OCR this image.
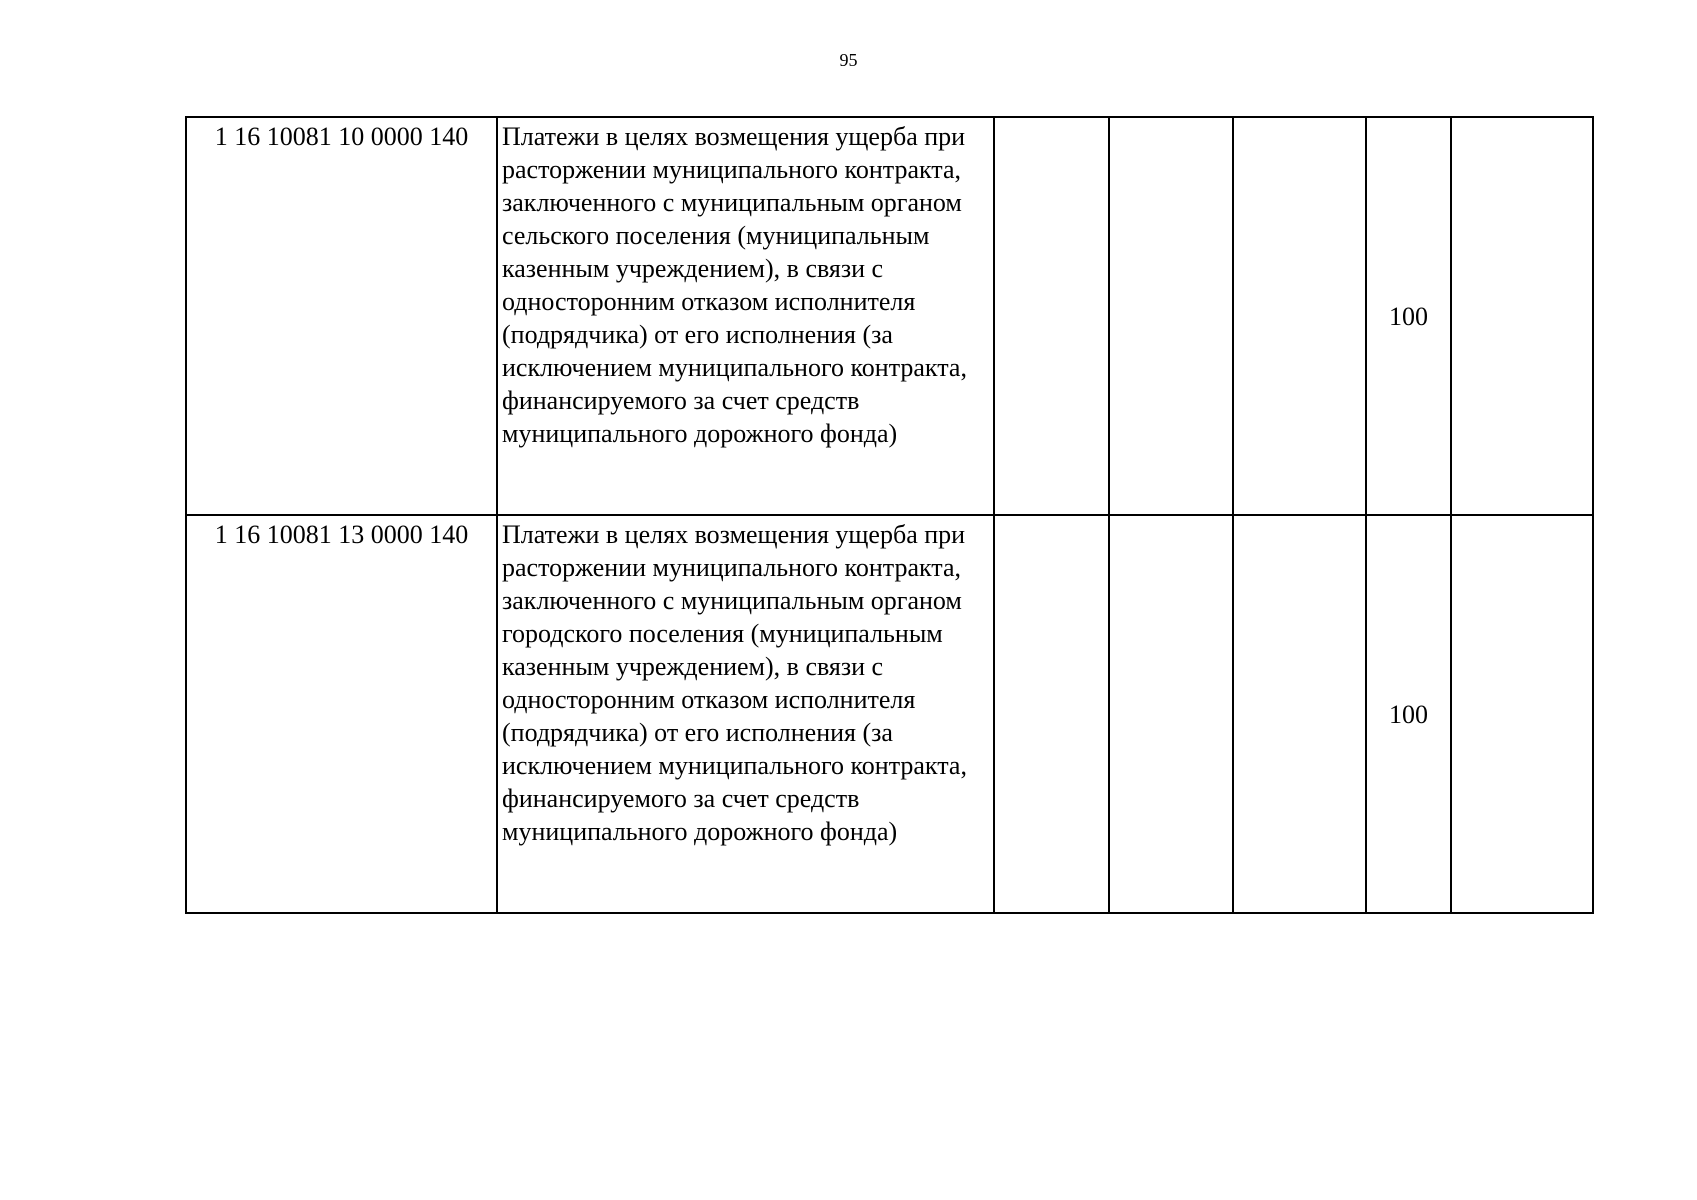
95
1 16 10081 10 0000 140	Платежи в целях возмещения ущерба при расторжении муниципального контракта, заключенного с муниципальным органом сельского поселения (муниципальным казенным учреждением), в связи с односторонним отказом исполнителя (подрядчика) от его исполнения (за исключением муниципального контракта, финансируемого за счет средств муниципального дорожного фонда)				100	
1 16 10081 13 0000 140	Платежи в целях возмещения ущерба при расторжении муниципального контракта, заключенного с муниципальным органом городского поселения (муниципальным казенным учреждением), в связи с односторонним отказом исполнителя (подрядчика) от его исполнения (за исключением муниципального контракта, финансируемого за счет средств муниципального дорожного фонда)				100	
